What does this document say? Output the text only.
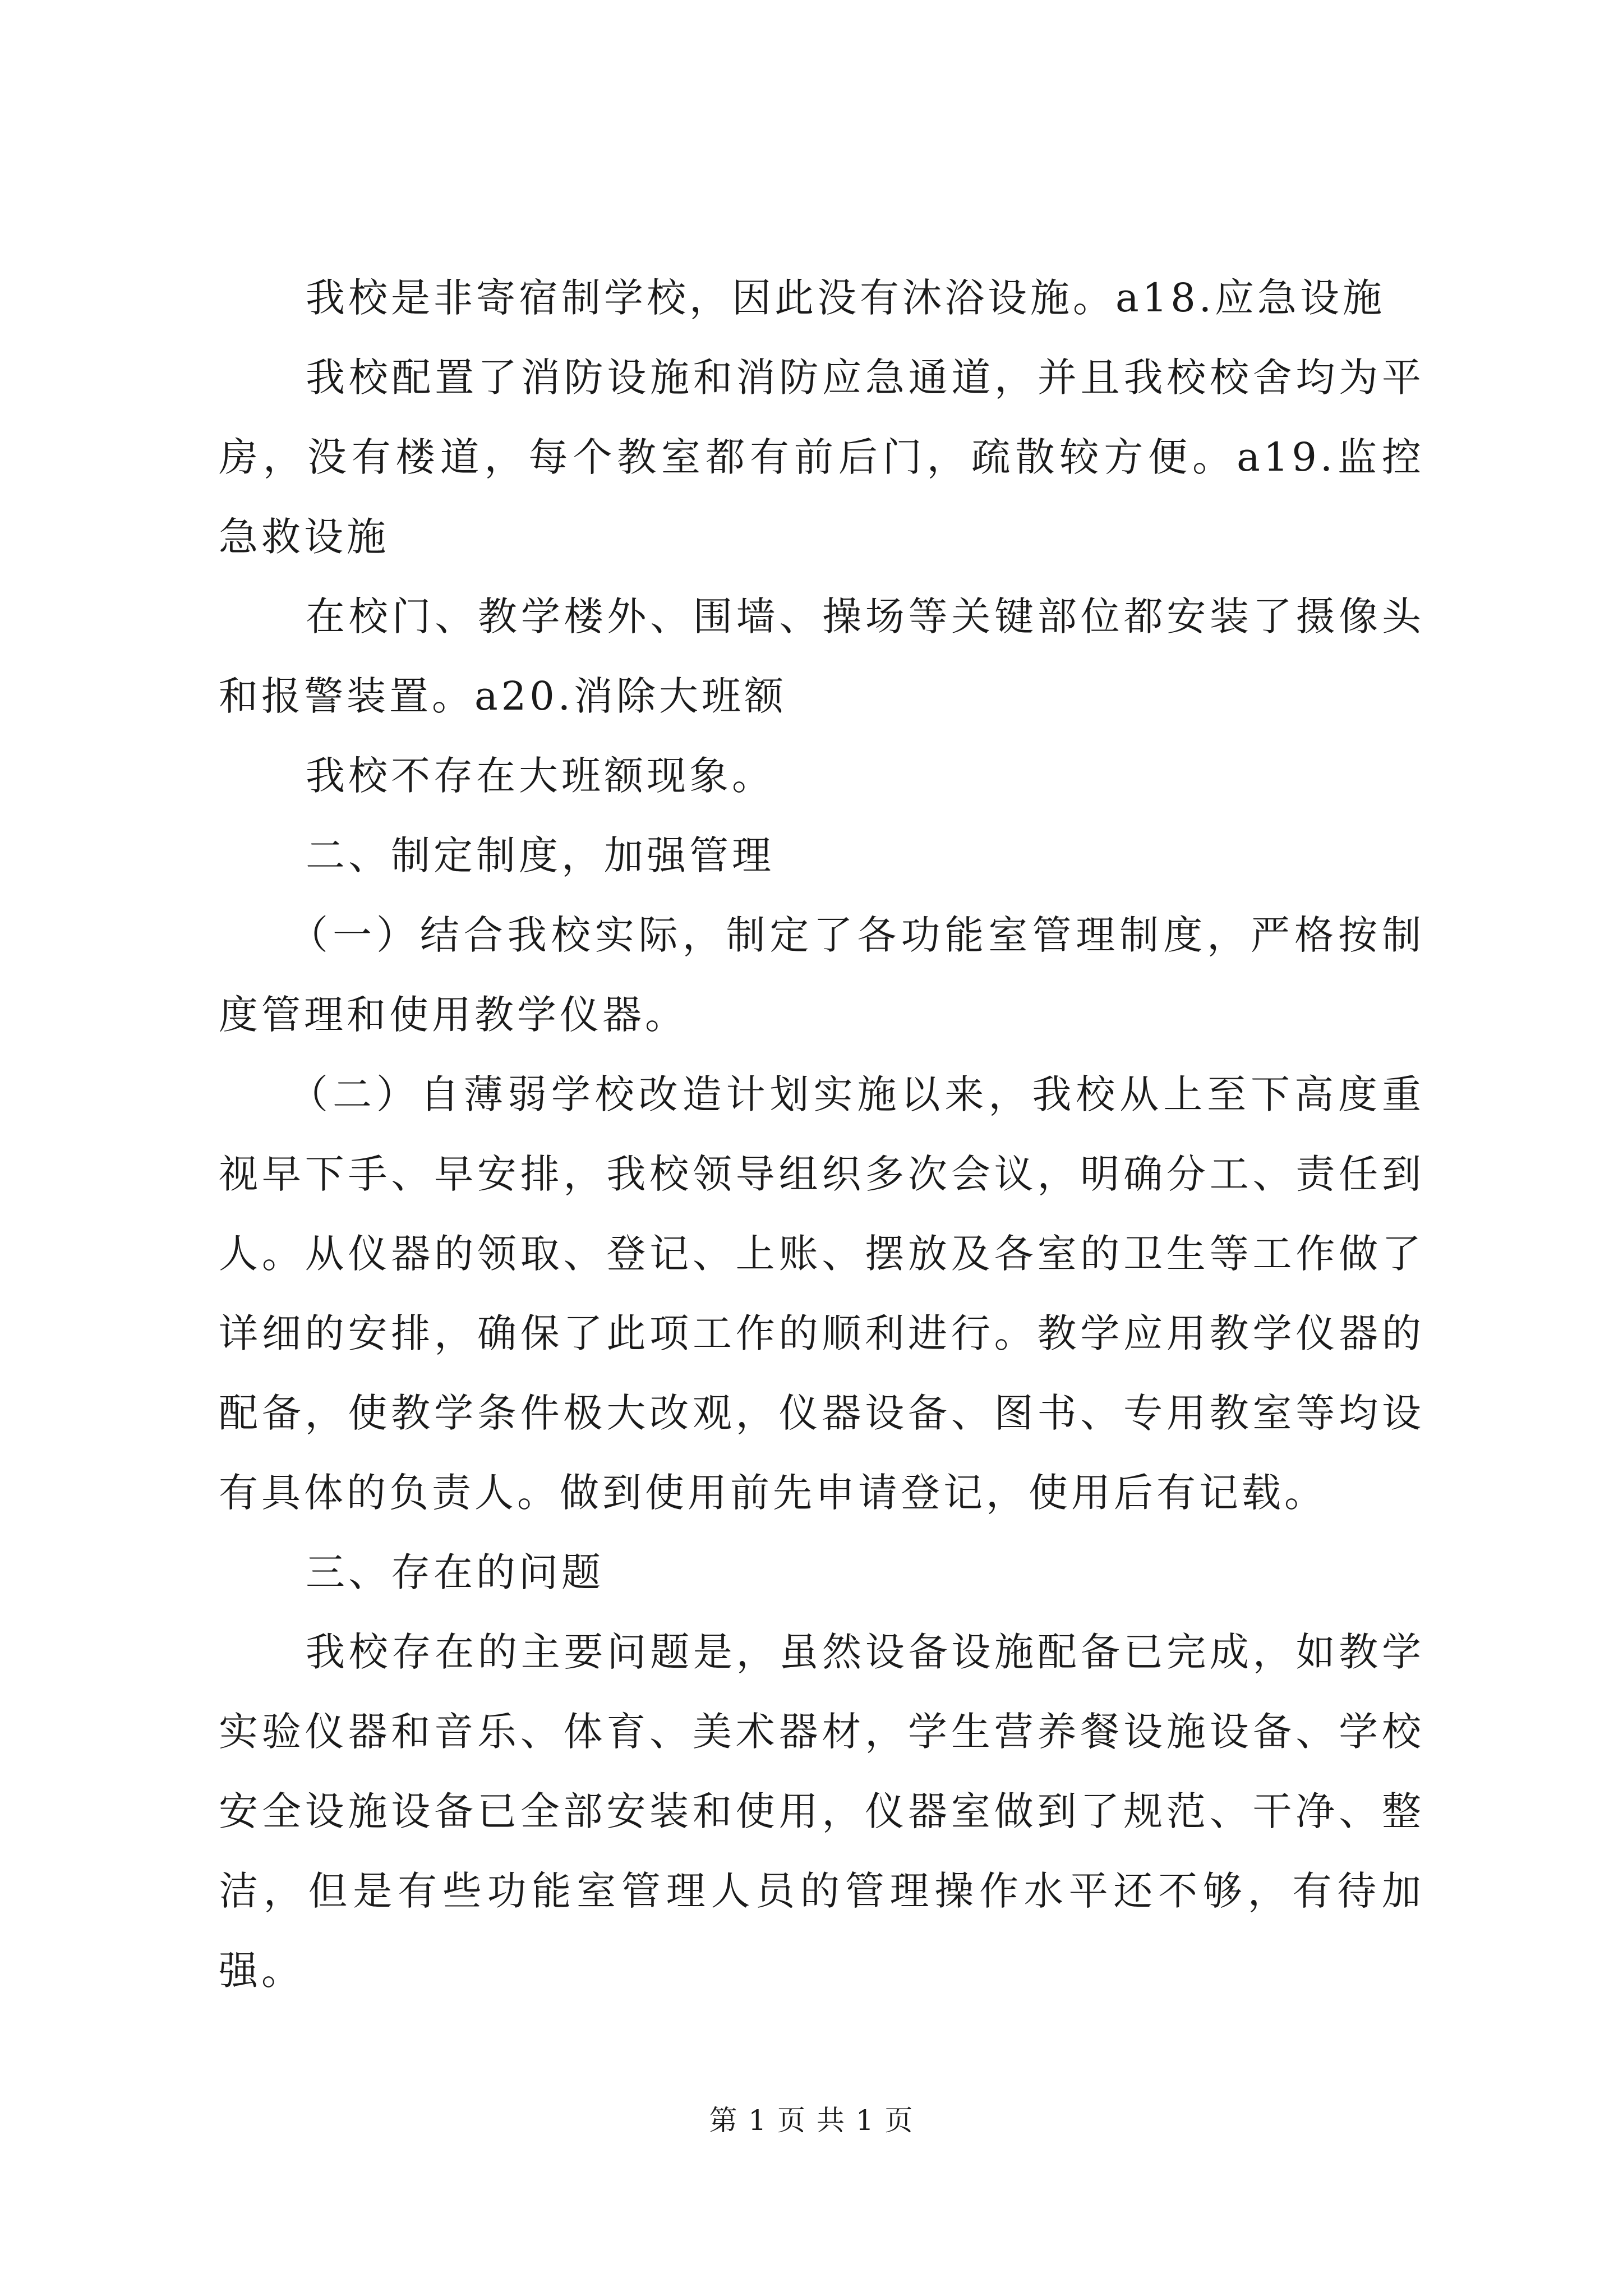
我校是非寄宿制学校，因此没有沐浴设施。a18.应急设施

我校配置了消防设施和消防应急通道，并且我校校舍均为平房，没有楼道，每个教室都有前后门，疏散较方便。a19.监控急救设施

在校门、教学楼外、围墙、操场等关键部位都安装了摄像头和报警装置。a20.消除大班额

我校不存在大班额现象。

二、制定制度，加强管理

（一）结合我校实际，制定了各功能室管理制度，严格按制度管理和使用教学仪器。

（二）自薄弱学校改造计划实施以来，我校从上至下高度重视早下手、早安排，我校领导组织多次会议，明确分工、责任到人。从仪器的领取、登记、上账、摆放及各室的卫生等工作做了详细的安排，确保了此项工作的顺利进行。教学应用教学仪器的配备，使教学条件极大改观，仪器设备、图书、专用教室等均设有具体的负责人。做到使用前先申请登记，使用后有记载。

三、存在的问题

我校存在的主要问题是，虽然设备设施配备已完成，如教学实验仪器和音乐、体育、美术器材，学生营养餐设施设备、学校安全设施设备已全部安装和使用，仪器室做到了规范、干净、整洁，但是有些功能室管理人员的管理操作水平还不够，有待加强。

第 1 页 共 1 页
